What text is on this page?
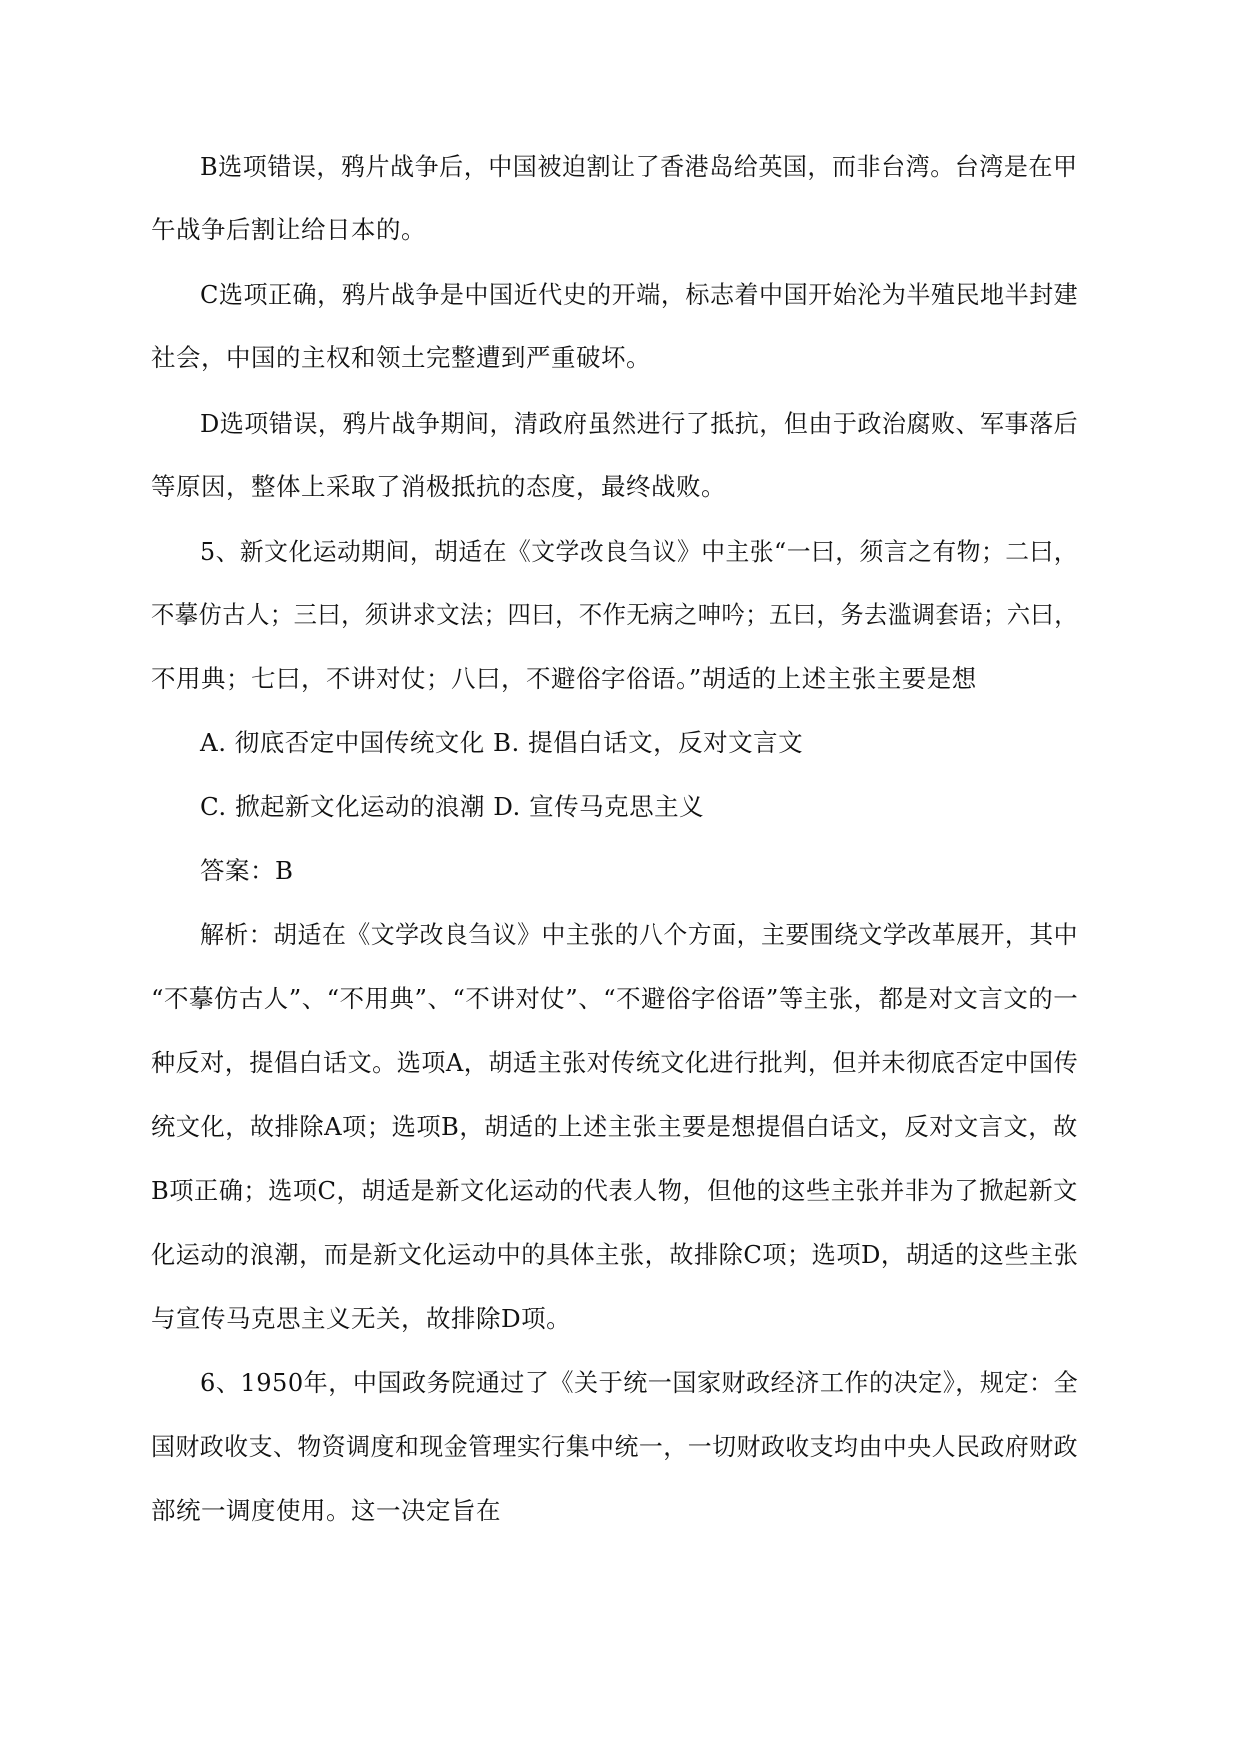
B选项错误，鸦片战争后，中国被迫割让了香港岛给英国，而非台湾。台湾是在甲
午战争后割让给日本的。
C选项正确，鸦片战争是中国近代史的开端，标志着中国开始沦为半殖民地半封建
社会，中国的主权和领土完整遭到严重破坏。
D选项错误，鸦片战争期间，清政府虽然进行了抵抗，但由于政治腐败、军事落后
等原因，整体上采取了消极抵抗的态度，最终战败。
5、新文化运动期间，胡适在《文学改良刍议》中主张“一曰，须言之有物；二曰，
不摹仿古人；三曰，须讲求文法；四曰，不作无病之呻吟；五曰，务去滥调套语；六曰，
不用典；七曰，不讲对仗；八曰，不避俗字俗语。”胡适的上述主张主要是想
A. 彻底否定中国传统文化 B. 提倡白话文，反对文言文
C. 掀起新文化运动的浪潮 D. 宣传马克思主义
答案：B
解析：胡适在《文学改良刍议》中主张的八个方面，主要围绕文学改革展开，其中
“不摹仿古人”、“不用典”、“不讲对仗”、“不避俗字俗语”等主张，都是对文言文的一
种反对，提倡白话文。选项A，胡适主张对传统文化进行批判，但并未彻底否定中国传
统文化，故排除A项；选项B，胡适的上述主张主要是想提倡白话文，反对文言文，故
B项正确；选项C，胡适是新文化运动的代表人物，但他的这些主张并非为了掀起新文
化运动的浪潮，而是新文化运动中的具体主张，故排除C项；选项D，胡适的这些主张
与宣传马克思主义无关，故排除D项。
6、1950年，中国政务院通过了《关于统一国家财政经济工作的决定》，规定：全
国财政收支、物资调度和现金管理实行集中统一，一切财政收支均由中央人民政府财政
部统一调度使用。这一决定旨在
